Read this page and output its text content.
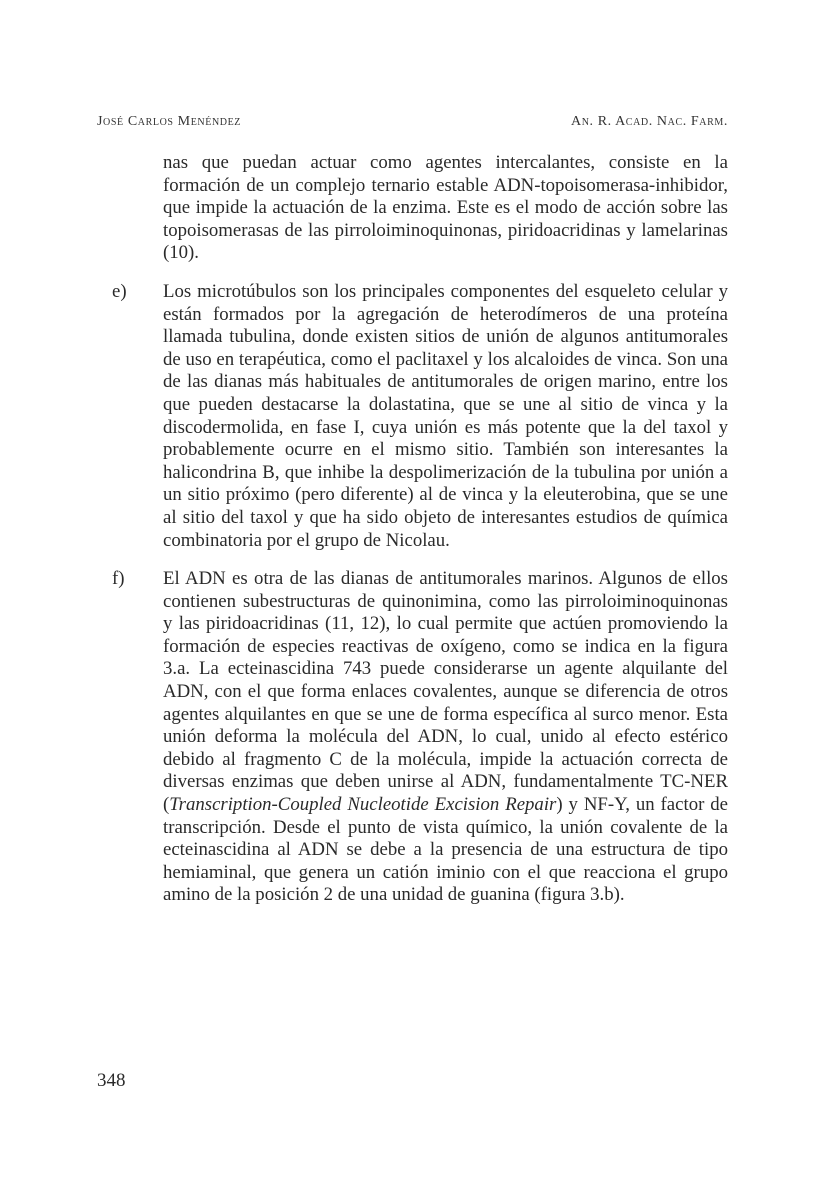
José Carlos Menéndez	An. R. Acad. Nac. Farm.

nas que puedan actuar como agentes intercalantes, consiste en la formación de un complejo ternario estable ADN-topoisomerasa-inhibidor, que impide la actuación de la enzima. Este es el modo de acción sobre las topoisomerasas de las pirroloiminoquinonas, piridoacridinas y lamelarinas (10).

e) Los microtúbulos son los principales componentes del esqueleto celular y están formados por la agregación de heterodímeros de una proteína llamada tubulina, donde existen sitios de unión de algunos antitumorales de uso en terapéutica, como el paclitaxel y los alcaloides de vinca. Son una de las dianas más habituales de antitumorales de origen marino, entre los que pueden destacarse la dolastatina, que se une al sitio de vinca y la discodermolida, en fase I, cuya unión es más potente que la del taxol y probablemente ocurre en el mismo sitio. También son interesantes la halicondrina B, que inhibe la despolimerización de la tubulina por unión a un sitio próximo (pero diferente) al de vinca y la eleuterobina, que se une al sitio del taxol y que ha sido objeto de interesantes estudios de química combinatoria por el grupo de Nicolau.
f) El ADN es otra de las dianas de antitumorales marinos. Algunos de ellos contienen subestructuras de quinonimina, como las pirroloiminoquinonas y las piridoacridinas (11, 12), lo cual permite que actúen promoviendo la formación de especies reactivas de oxígeno, como se indica en la figura 3.a. La ecteinascidina 743 puede considerarse un agente alquilante del ADN, con el que forma enlaces covalentes, aunque se diferencia de otros agentes alquilantes en que se une de forma específica al surco menor. Esta unión deforma la molécula del ADN, lo cual, unido al efecto estérico debido al fragmento C de la molécula, impide la actuación correcta de diversas enzimas que deben unirse al ADN, fundamentalmente TC-NER (Transcription-Coupled Nucleotide Excision Repair) y NF-Y, un factor de transcripción. Desde el punto de vista químico, la unión covalente de la ecteinascidina al ADN se debe a la presencia de una estructura de tipo hemiaminal, que genera un catión iminio con el que reacciona el grupo amino de la posición 2 de una unidad de guanina (figura 3.b).
348
